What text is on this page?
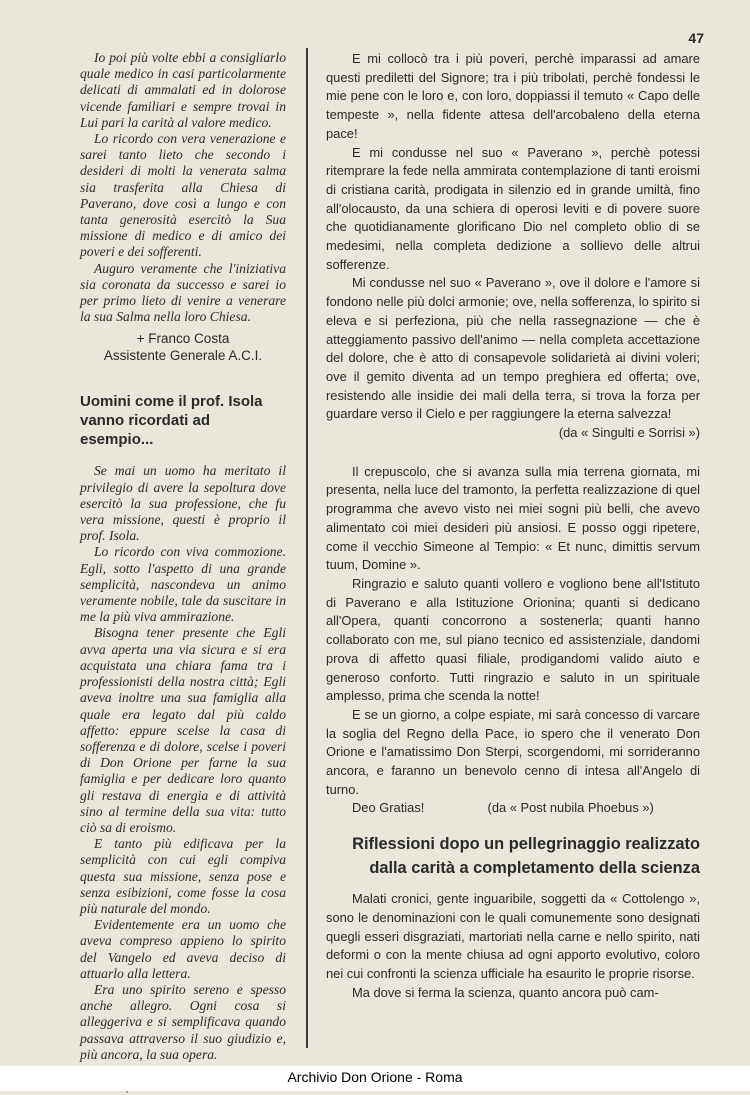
47

Io poi più volte ebbi a consigliarlo quale medico in casi particolarmente delicati di ammalati ed in dolorose vicende familiari e sempre trovai in Lui pari la carità al valore medico.

Lo ricordo con vera venerazione e sarei tanto lieto che secondo i desideri di molti la venerata salma sia trasferita alla Chiesa di Paverano, dove così a lungo e con tanta generosità esercitò la Sua missione di medico e di amico dei poveri e dei sofferenti.

Auguro veramente che l'iniziativa sia coronata da successo e sarei io per primo lieto di venire a venerare la sua Salma nella loro Chiesa.

+ Franco Costa
Assistente Generale A.C.I.
Uomini come il prof. Isola
vanno ricordati ad esempio...

Se mai un uomo ha meritato il privilegio di avere la sepoltura dove esercitò la sua professione, che fu vera missione, questi è proprio il prof. Isola.

Lo ricordo con viva commozione. Egli, sotto l'aspetto di una grande semplicità, nascondeva un animo veramente nobile, tale da suscitare in me la più viva ammirazione.

Bisogna tener presente che Egli avva aperta una via sicura e si era acquistata una chiara fama tra i professionisti della nostra città; Egli aveva inoltre una sua famiglia alla quale era legato dal più caldo affetto: eppure scelse la casa di sofferenza e di dolore, scelse i poveri di Don Orione per farne la sua famiglia e per dedicare loro quanto gli restava di energia e di attività sino al termine della sua vita: tutto ciò sa di eroismo.

E tanto più edificava per la semplicità con cui egli compiva questa sua missione, senza pose e senza esibizioni, come fosse la cosa più naturale del mondo.

Evidentemente era un uomo che aveva compreso appieno lo spirito del Vangelo ed aveva deciso di attuarlo alla lettera.

Era uno spirito sereno e spesso anche allegro. Ogni cosa si alleggeriva e si semplificava quando passava attraverso il suo giudizio e, più ancora, la sua opera.

E mi collocò tra i più poveri, perchè imparassi ad amare questi prediletti del Signore; tra i più tribolati, perchè fondessi le mie pene con le loro e, con loro, doppiassi il temuto « Capo delle tempeste », nella fidente attesa dell'arcobaleno della eterna pace!

E mi condusse nel suo « Paverano », perchè potessi ritemprare la fede nella ammirata contemplazione di tanti eroismi di cristiana carità, prodigata in silenzio ed in grande umiltà, fino all'olocausto, da una schiera di operosi leviti e di povere suore che quotidianamente glorificano Dio nel completo oblio di se medesimi, nella completa dedizione a sollievo delle altrui sofferenze.

Mi condusse nel suo « Paverano », ove il dolore e l'amore si fondono nelle più dolci armonie; ove, nella sofferenza, lo spirito si eleva e si perfeziona, più che nella rassegnazione — che è atteggiamento passivo dell'animo — nella completa accettazione del dolore, che è atto di consapevole solidarietà ai divini voleri; ove il gemito diventa ad un tempo preghiera ed offerta; ove, resistendo alle insidie dei mali della terra, si trova la forza per guardare verso il Cielo e per raggiungere la eterna salvezza!

(da « Singulti e Sorrisi »)

Il crepuscolo, che si avanza sulla mia terrena giornata, mi presenta, nella luce del tramonto, la perfetta realizzazione di quel programma che avevo visto nei miei sogni più belli, che avevo alimentato coi miei desideri più ansiosi. E posso oggi ripetere, come il vecchio Simeone al Tempio: « Et nunc, dimittis servum tuum, Domine ».

Ringrazio e saluto quanti vollero e vogliono bene all'Istituto di Paverano e alla Istituzione Orionina; quanti si dedicano all'Opera, quanti concorrono a sostenerla; quanti hanno collaborato con me, sul piano tecnico ed assistenziale, dandomi prova di affetto quasi filiale, prodigandomi valido aiuto e generoso conforto. Tutti ringrazio e saluto in un spirituale amplesso, prima che scenda la notte!

E se un giorno, a colpe espiate, mi sarà concesso di varcare la soglia del Regno della Pace, io spero che il venerato Don Orione e l'amatissimo Don Sterpi, scorgendomi, mi sorrideranno ancora, e faranno un benevolo cenno di intesa all'Angelo di turno.

Deo Gratias!	(da « Post nubila Phoebus »)

Riflessioni dopo un pellegrinaggio realizzato
dalla carità a completamento della scienza

Malati cronici, gente inguaribile, soggetti da « Cottolengo », sono le denominazioni con le quali comunemente sono designati quegli esseri disgraziati, martoriati nella carne e nello spirito, nati deformi o con la mente chiusa ad ogni apporto evolutivo, coloro nei cui confronti la scienza ufficiale ha esaurito le proprie risorse.

Ma dove si ferma la scienza, quanto ancora può cam-

Archivio Don Orione - Roma
